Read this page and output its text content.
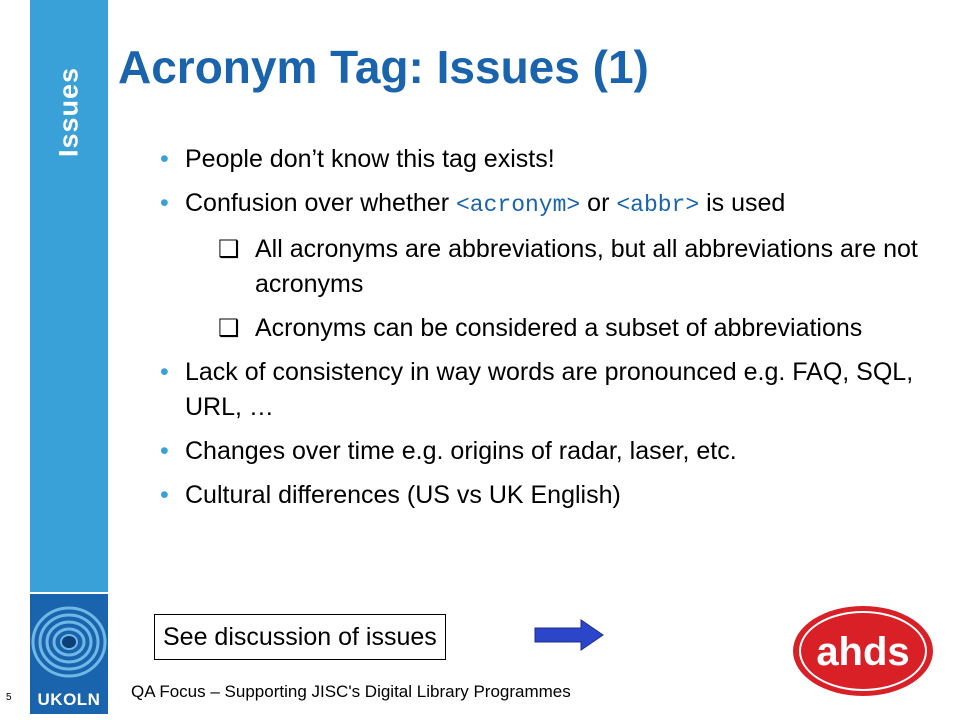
Issues
UKOLN
5
Acronym Tag: Issues (1)
• People don’t know this tag exists!
• Confusion over whether <acronym> or <abbr> is used
❑ All acronyms are abbreviations, but all abbreviations are not acronyms
❑ Acronyms can be considered a subset of abbreviations
• Lack of consistency in way words are pronounced e.g. FAQ, SQL, URL, …
• Changes over time e.g. origins of radar, laser, etc.
• Cultural differences (US vs UK English)
See discussion of issues
QA Focus – Supporting JISC's Digital Library Programmes
ahds
